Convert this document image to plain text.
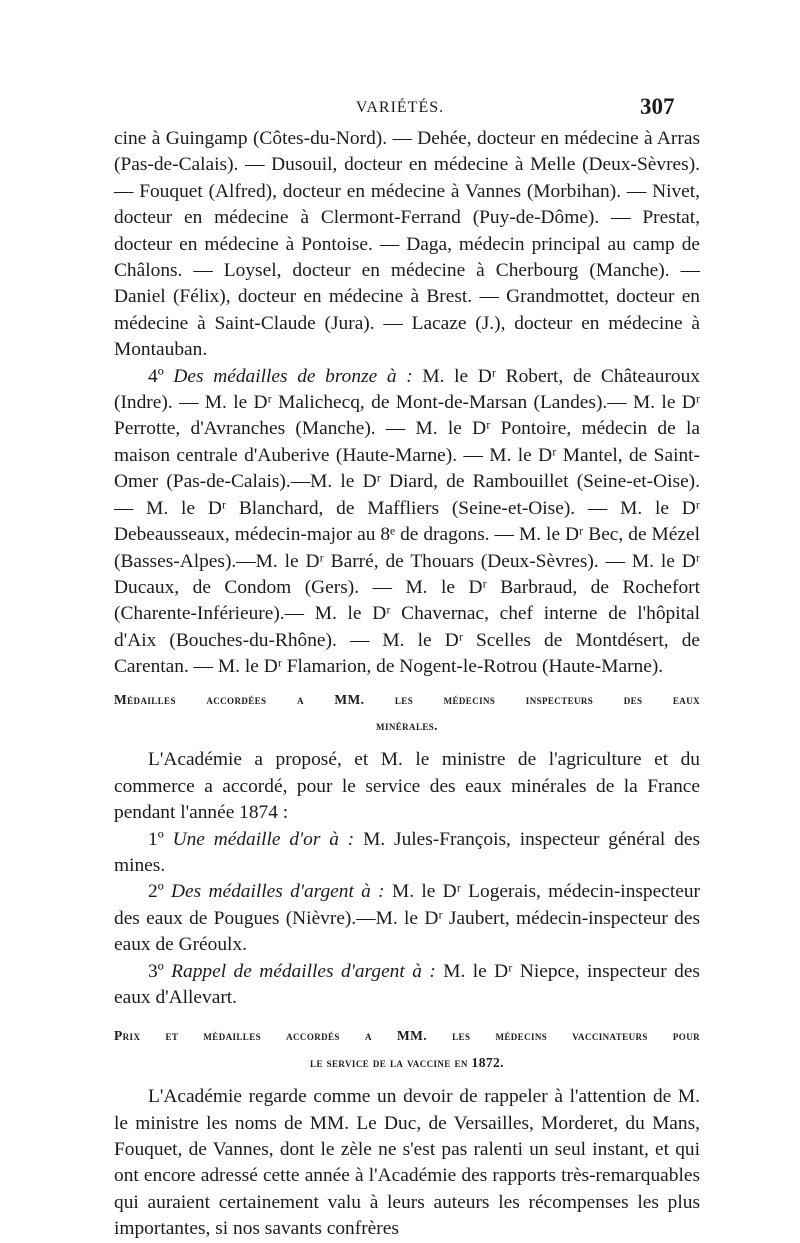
VARIÉTÉS.	307

cine à Guingamp (Côtes-du-Nord). — Dehée, docteur en médecine à Arras (Pas-de-Calais). — Dusouil, docteur en médecine à Melle (Deux-Sèvres). — Fouquet (Alfred), docteur en médecine à Vannes (Morbihan). — Nivet, docteur en médecine à Clermont-Ferrand (Puy-de-Dôme). — Prestat, docteur en médecine à Pontoise. — Daga, médecin principal au camp de Châlons. — Loysel, docteur en médecine à Cherbourg (Manche). — Daniel (Félix), docteur en médecine à Brest. — Grandmottet, docteur en médecine à Saint-Claude (Jura). — Lacaze (J.), docteur en médecine à Montauban.

4º Des médailles de bronze à : M. le Dʳ Robert, de Châteauroux (Indre). — M. le Dʳ Malichecq, de Mont-de-Marsan (Landes).— M. le Dʳ Perrotte, d'Avranches (Manche). — M. le Dʳ Pontoire, médecin de la maison centrale d'Auberive (Haute-Marne). — M. le Dʳ Mantel, de Saint-Omer (Pas-de-Calais).—M. le Dʳ Diard, de Rambouillet (Seine-et-Oise). — M. le Dʳ Blanchard, de Maffliers (Seine-et-Oise). — M. le Dʳ Debeausseaux, médecin-major au 8ᵉ de dragons. — M. le Dʳ Bec, de Mézel (Basses-Alpes).—M. le Dʳ Barré, de Thouars (Deux-Sèvres). — M. le Dʳ Ducaux, de Condom (Gers). — M. le Dʳ Barbraud, de Rochefort (Charente-Inférieure).— M. le Dʳ Chavernac, chef interne de l'hôpital d'Aix (Bouches-du-Rhône). — M. le Dʳ Scelles de Montdésert, de Carentan. — M. le Dʳ Flamarion, de Nogent-le-Rotrou (Haute-Marne).

Médailles accordées a MM. les médecins inspecteurs des eaux

minérales.

L'Académie a proposé, et M. le ministre de l'agriculture et du commerce a accordé, pour le service des eaux minérales de la France pendant l'année 1874 :

1º Une médaille d'or à : M. Jules-François, inspecteur général des mines.

2º Des médailles d'argent à : M. le Dʳ Logerais, médecin-inspecteur des eaux de Pougues (Nièvre).—M. le Dʳ Jaubert, médecin-inspecteur des eaux de Gréoulx.

3º Rappel de médailles d'argent à : M. le Dʳ Niepce, inspecteur des eaux d'Allevart.

Prix et médailles accordés a MM. les médecins vaccinateurs pour

le service de la vaccine en 1872.

L'Académie regarde comme un devoir de rappeler à l'attention de M. le ministre les noms de MM. Le Duc, de Versailles, Morderet, du Mans, Fouquet, de Vannes, dont le zèle ne s'est pas ralenti un seul instant, et qui ont encore adressé cette année à l'Académie des rapports très-remarquables qui auraient certainement valu à leurs auteurs les récompenses les plus importantes, si nos savants confrères
